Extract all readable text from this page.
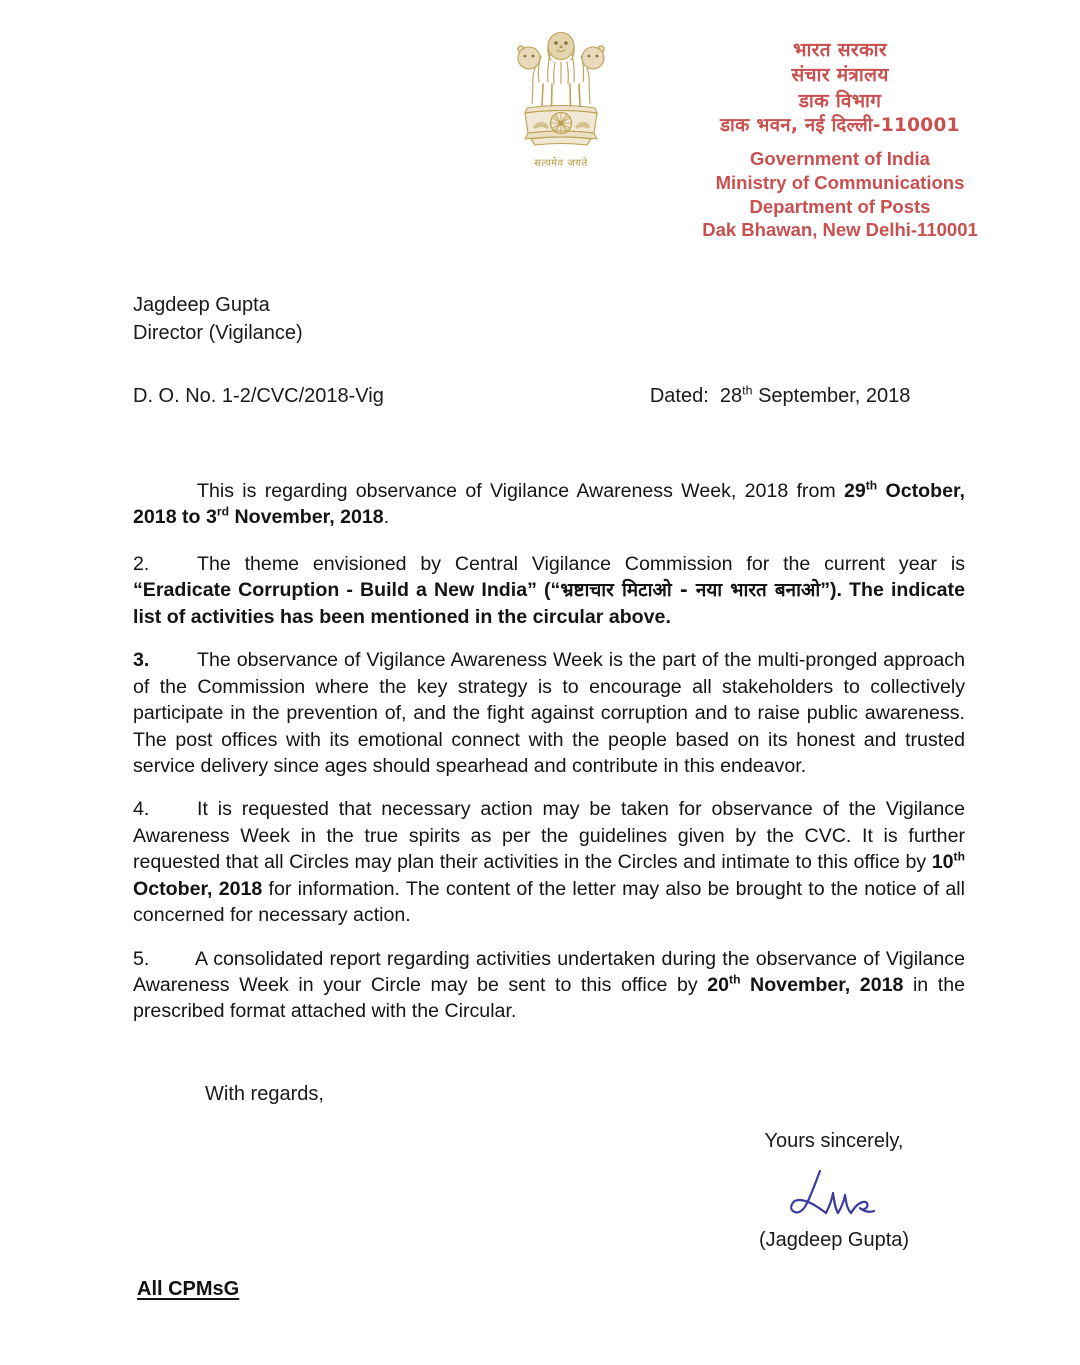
सत्यमेव जयते
भारत सरकार
संचार मंत्रालय
डाक विभाग
डाक भवन, नई दिल्ली-110001
Government of India
Ministry of Communications
Department of Posts
Dak Bhawan, New Delhi-110001
Jagdeep Gupta
Director (Vigilance)
D. O. No. 1-2/CVC/2018-Vig	Dated: 28th September, 2018

This is regarding observance of Vigilance Awareness Week, 2018 from 29th October, 2018 to 3rd November, 2018.

2. The theme envisioned by Central Vigilance Commission for the current year is “Eradicate Corruption - Build a New India” (“भ्रष्टाचार मिटाओ - नया भारत बनाओ”). The indicate list of activities has been mentioned in the circular above.

3. The observance of Vigilance Awareness Week is the part of the multi-pronged approach of the Commission where the key strategy is to encourage all stakeholders to collectively participate in the prevention of, and the fight against corruption and to raise public awareness. The post offices with its emotional connect with the people based on its honest and trusted service delivery since ages should spearhead and contribute in this endeavor.

4. It is requested that necessary action may be taken for observance of the Vigilance Awareness Week in the true spirits as per the guidelines given by the CVC. It is further requested that all Circles may plan their activities in the Circles and intimate to this office by 10th October, 2018 for information. The content of the letter may also be brought to the notice of all concerned for necessary action.

5. A consolidated report regarding activities undertaken during the observance of Vigilance Awareness Week in your Circle may be sent to this office by 20th November, 2018 in the prescribed format attached with the Circular.

With regards,
Yours sincerely,
(Jagdeep Gupta)
All CPMsG
